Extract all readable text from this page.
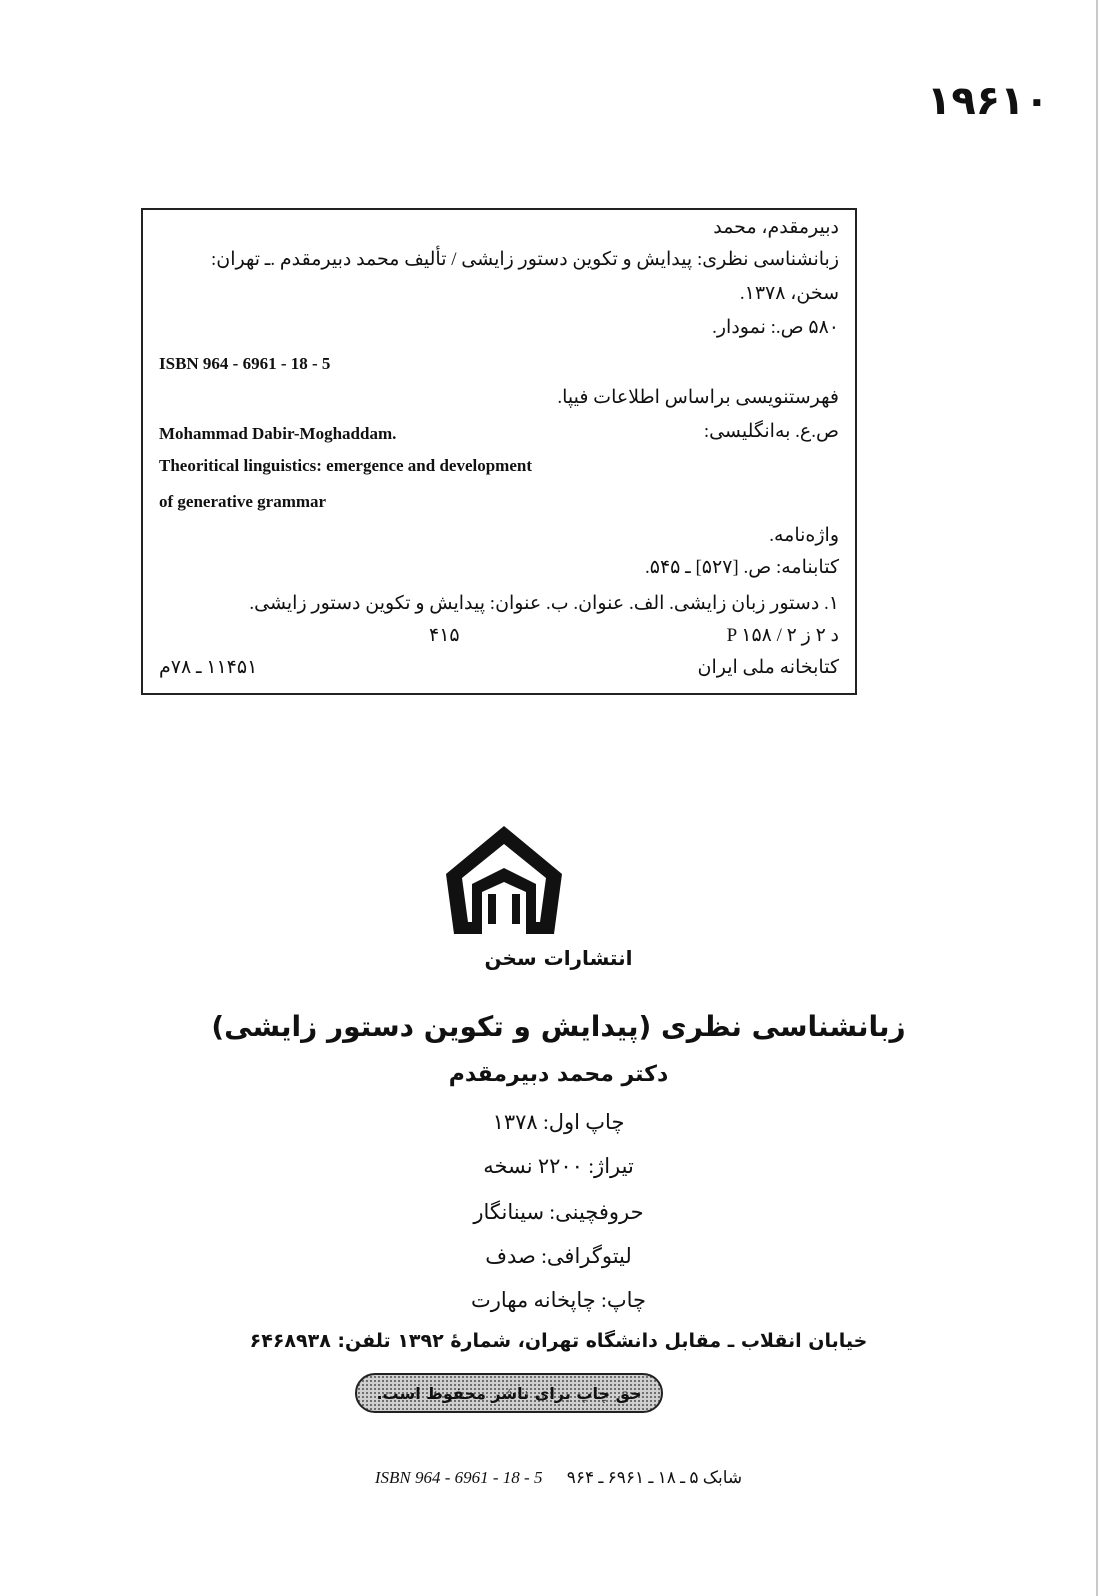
۱۹۶۱۰
دبیرمقدم، محمد
زبانشناسی نظری: پیدایش و تکوین دستور زایشی / تألیف محمد دبیرمقدم .ـ تهران:
سخن، ۱۳۷۸.
۵۸۰ ص.: نمودار.
ISBN 964 - 6961 - 18 - 5
فهرستنویسی براساس اطلاعات فیپا.
ص.ع. به‌انگلیسی:
Mohammad Dabir-Moghaddam.
Theoritical linguistics: emergence and development
of generative grammar
واژه‌نامه.
کتابنامه: ص. [۵۲۷] ـ ۵۴۵.
۱. دستور زبان زایشی. الف. عنوان. ب. عنوان: پیدایش و تکوین دستور زایشی.
۴۱۵	P ۱۵۸ / ۲ د ۲ ز
۱۱۴۵۱ ـ ۷۸م	کتابخانه ملی ایران
انتشارات سخن
زبانشناسی نظری (پیدایش و تکوین دستور زایشی)
دکتر محمد دبیرمقدم
چاپ اول: ۱۳۷۸
تیراژ: ۲۲۰۰ نسخه
حروفچینی: سینانگار
لیتوگرافی: صدف
چاپ: چاپخانه مهارت
خیابان انقلاب ـ مقابل دانشگاه تهران، شمارهٔ ۱۳۹۲ تلفن: ۶۴۶۸۹۳۸
حق چاپ برای ناشر محفوظ است.
ISBN 964 - 6961 - 18 - 5 شابک ۵ ـ ۱۸ ـ ۶۹۶۱ ـ ۹۶۴
